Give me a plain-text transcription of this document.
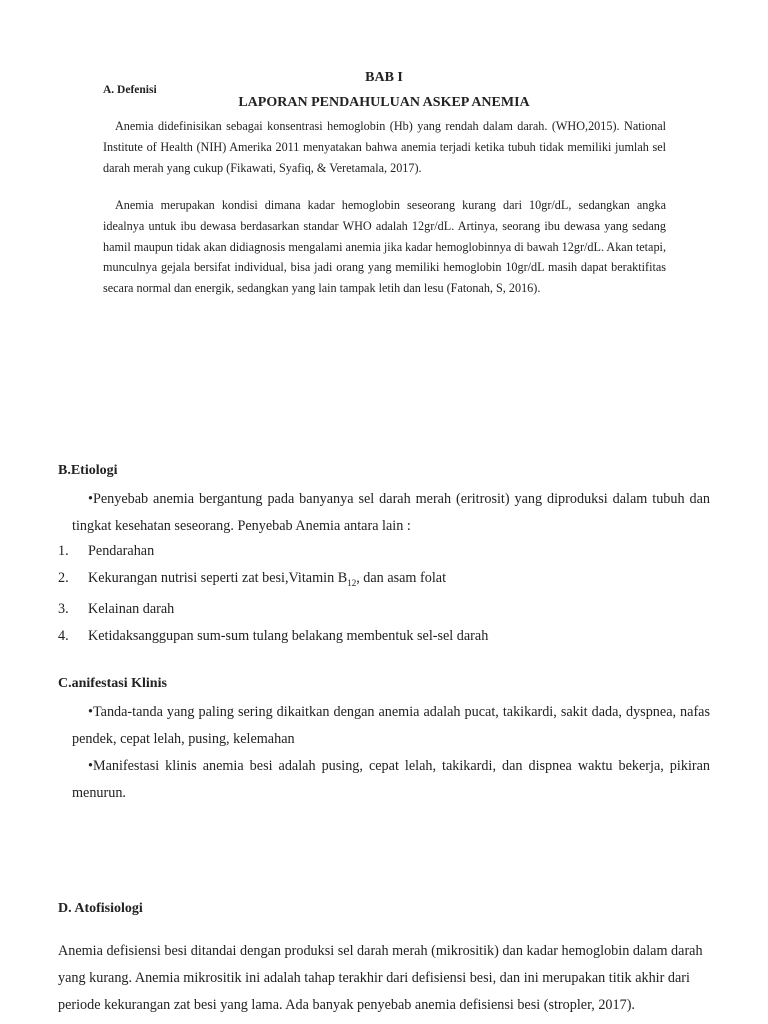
BAB I
A. Defenisi
LAPORAN PENDAHULUAN ASKEP ANEMIA
Anemia didefinisikan sebagai konsentrasi hemoglobin (Hb) yang rendah dalam darah. (WHO,2015). National Institute of Health (NIH) Amerika 2011 menyatakan bahwa anemia terjadi ketika tubuh tidak memiliki jumlah sel darah merah yang cukup (Fikawati, Syafiq, & Veretamala, 2017).
Anemia merupakan kondisi dimana kadar hemoglobin seseorang kurang dari 10gr/dL, sedangkan angka idealnya untuk ibu dewasa berdasarkan standar WHO adalah 12gr/dL. Artinya, seorang ibu dewasa yang sedang hamil maupun tidak akan didiagnosis mengalami anemia jika kadar hemoglobinnya di bawah 12gr/dL. Akan tetapi, munculnya gejala bersifat individual, bisa jadi orang yang memiliki hemoglobin 10gr/dL masih dapat beraktifitas secara normal dan energik, sedangkan yang lain tampak letih dan lesu (Fatonah, S, 2016).
B.Etiologi
•Penyebab anemia bergantung pada banyanya sel darah merah (eritrosit) yang diproduksi dalam tubuh dan tingkat kesehatan seseorang. Penyebab Anemia antara lain :
1.	Pendarahan
2.	Kekurangan nutrisi seperti zat besi,Vitamin $B_{12}$, dan asam folat
3.	Kelainan darah
4.	Ketidaksanggupan sum-sum tulang belakang membentuk sel-sel darah
C.anifestasi Klinis
•Tanda-tanda yang paling sering dikaitkan dengan anemia adalah pucat, takikardi, sakit dada, dyspnea, nafas pendek, cepat lelah, pusing, kelemahan
•Manifestasi klinis anemia besi adalah pusing, cepat lelah, takikardi, dan dispnea waktu bekerja, pikiran menurun.
D. Atofisiologi
Anemia defisiensi besi ditandai dengan produksi sel darah merah (mikrositik) dan kadar hemoglobin dalam darah yang kurang. Anemia mikrositik ini adalah tahap terakhir dari defisiensi besi, dan ini merupakan titik akhir dari periode kekurangan zat besi yang lama. Ada banyak penyebab anemia defisiensi besi (stropler, 2017).
